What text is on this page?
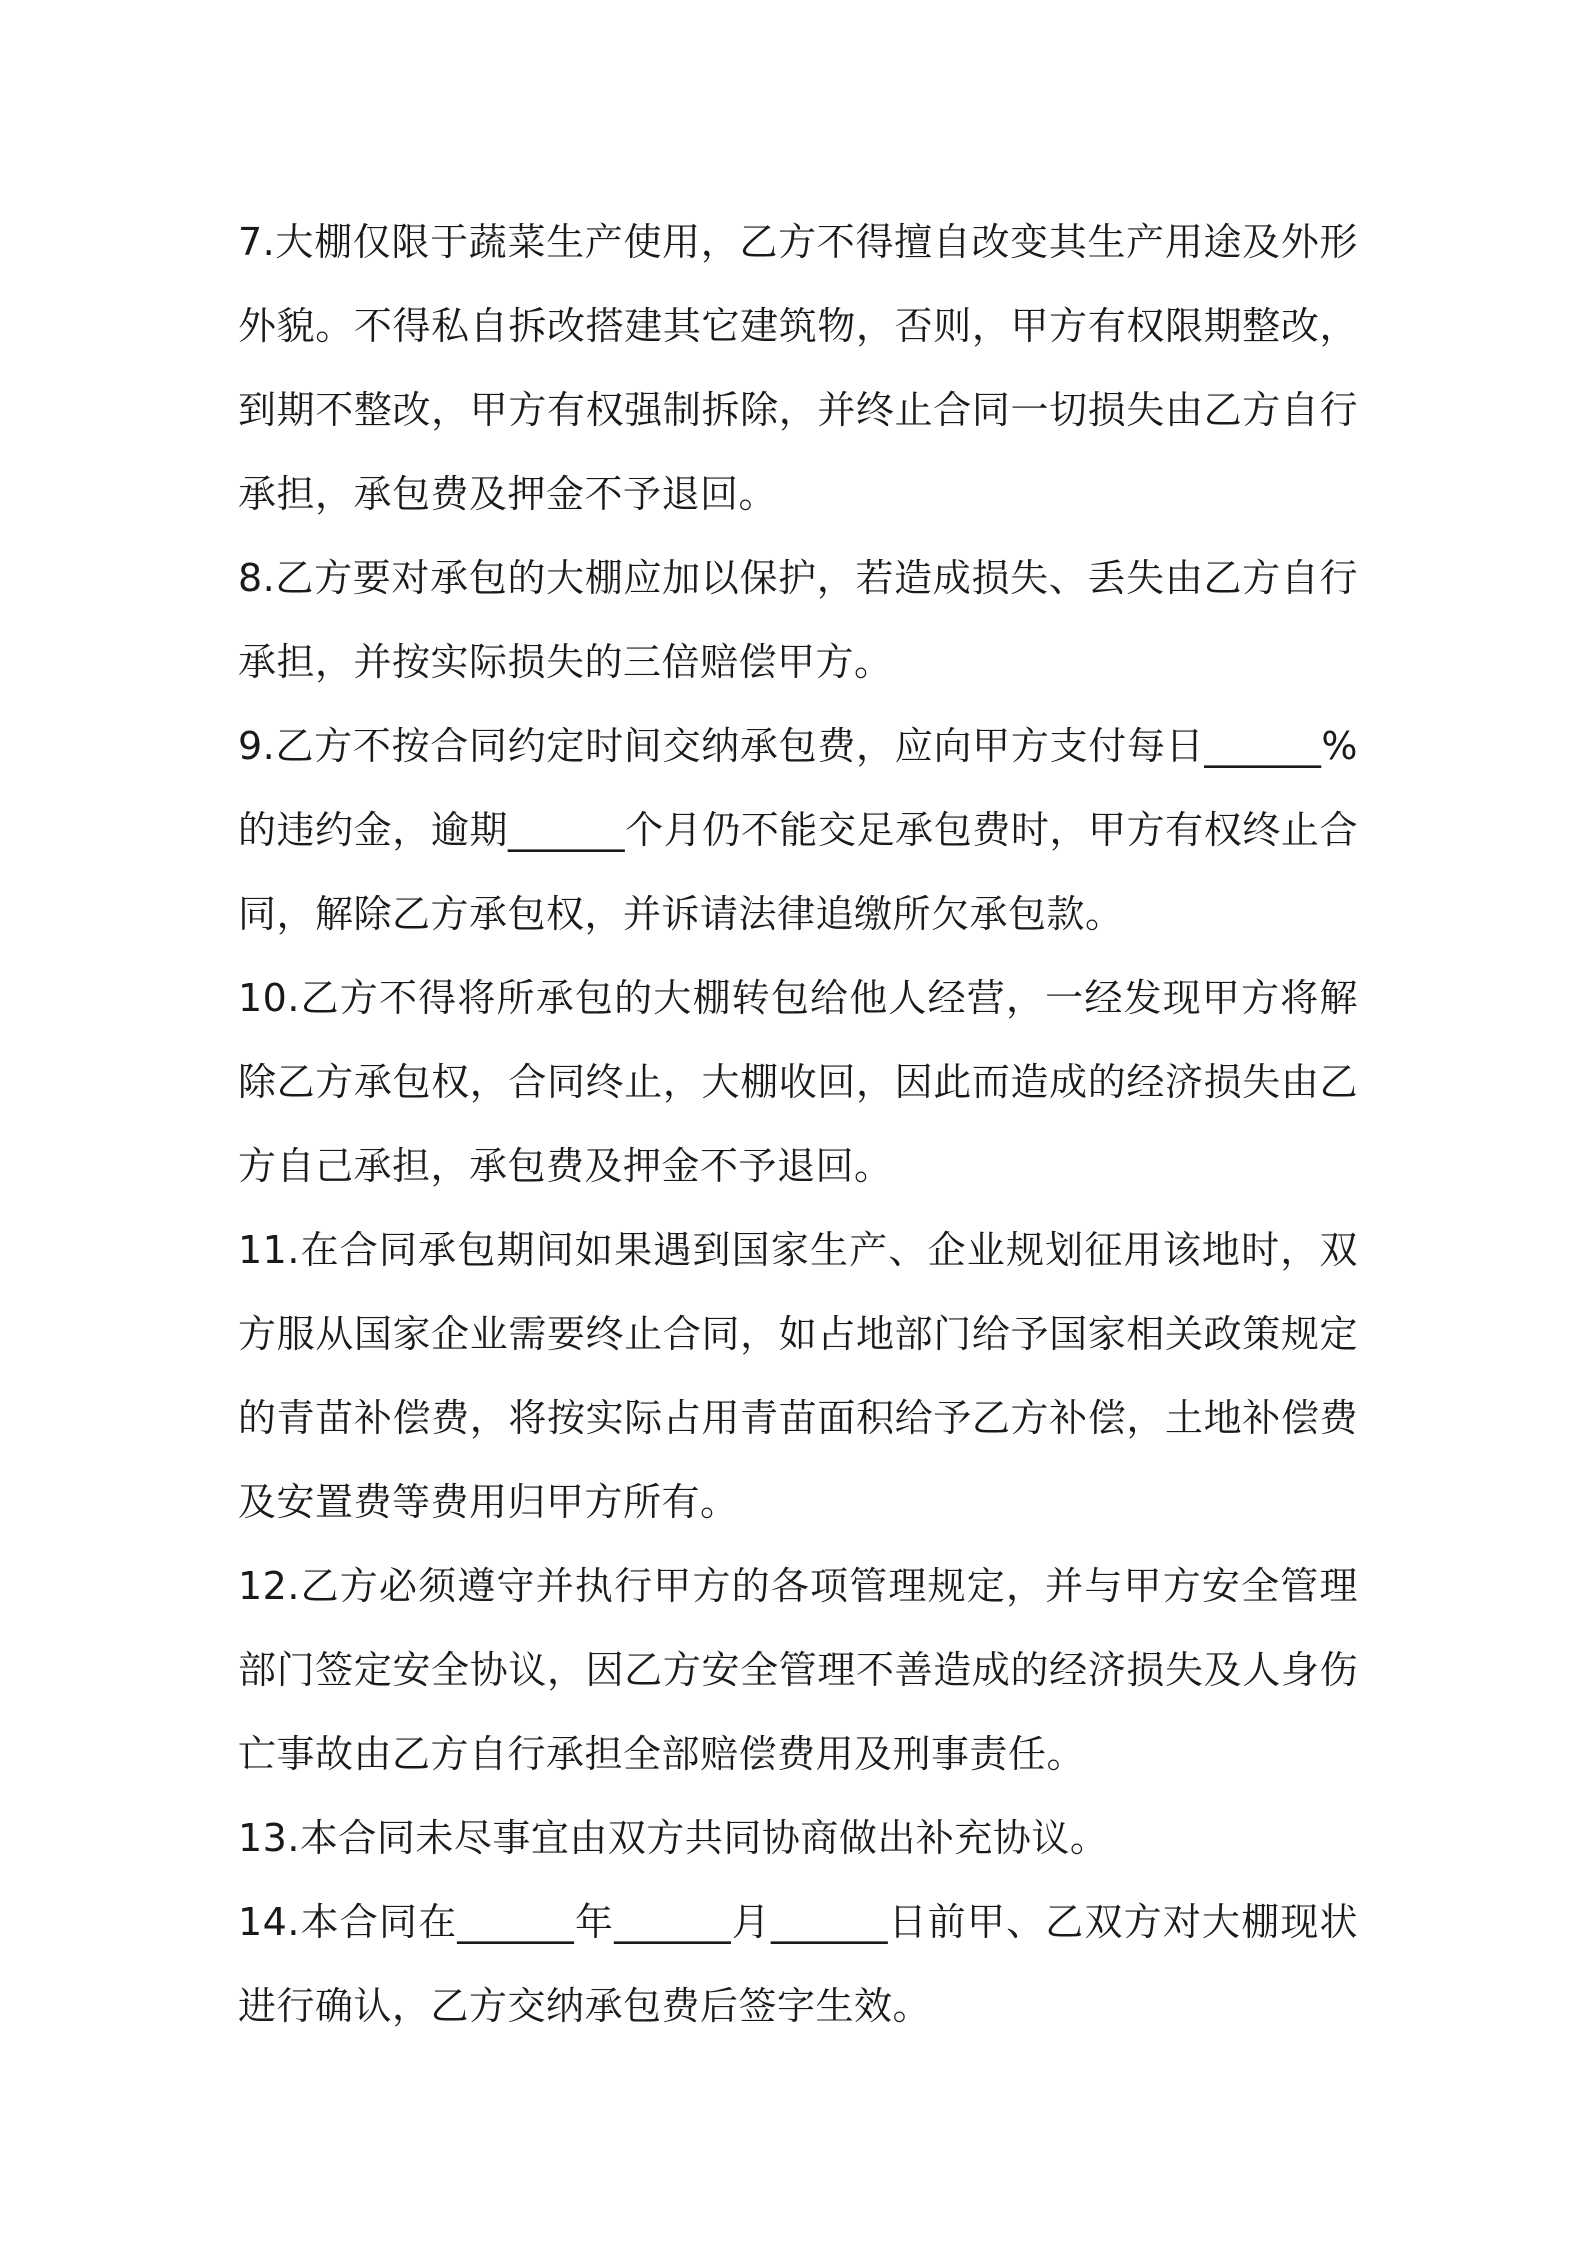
7.大棚仅限于蔬菜生产使用，乙方不得擅自改变其生产用途及外形外貌。不得私自拆改搭建其它建筑物，否则，甲方有权限期整改，到期不整改，甲方有权强制拆除，并终止合同一切损失由乙方自行承担，承包费及押金不予退回。

8.乙方要对承包的大棚应加以保护，若造成损失、丢失由乙方自行承担，并按实际损失的三倍赔偿甲方。

9.乙方不按合同约定时间交纳承包费，应向甲方支付每日______%的违约金，逾期______个月仍不能交足承包费时，甲方有权终止合同，解除乙方承包权，并诉请法律追缴所欠承包款。

10.乙方不得将所承包的大棚转包给他人经营，一经发现甲方将解除乙方承包权，合同终止，大棚收回，因此而造成的经济损失由乙方自己承担，承包费及押金不予退回。

11.在合同承包期间如果遇到国家生产、企业规划征用该地时，双方服从国家企业需要终止合同，如占地部门给予国家相关政策规定的青苗补偿费，将按实际占用青苗面积给予乙方补偿，土地补偿费及安置费等费用归甲方所有。

12.乙方必须遵守并执行甲方的各项管理规定，并与甲方安全管理部门签定安全协议，因乙方安全管理不善造成的经济损失及人身伤亡事故由乙方自行承担全部赔偿费用及刑事责任。

13.本合同未尽事宜由双方共同协商做出补充协议。

14.本合同在______年______月______日前甲、乙双方对大棚现状进行确认，乙方交纳承包费后签字生效。
